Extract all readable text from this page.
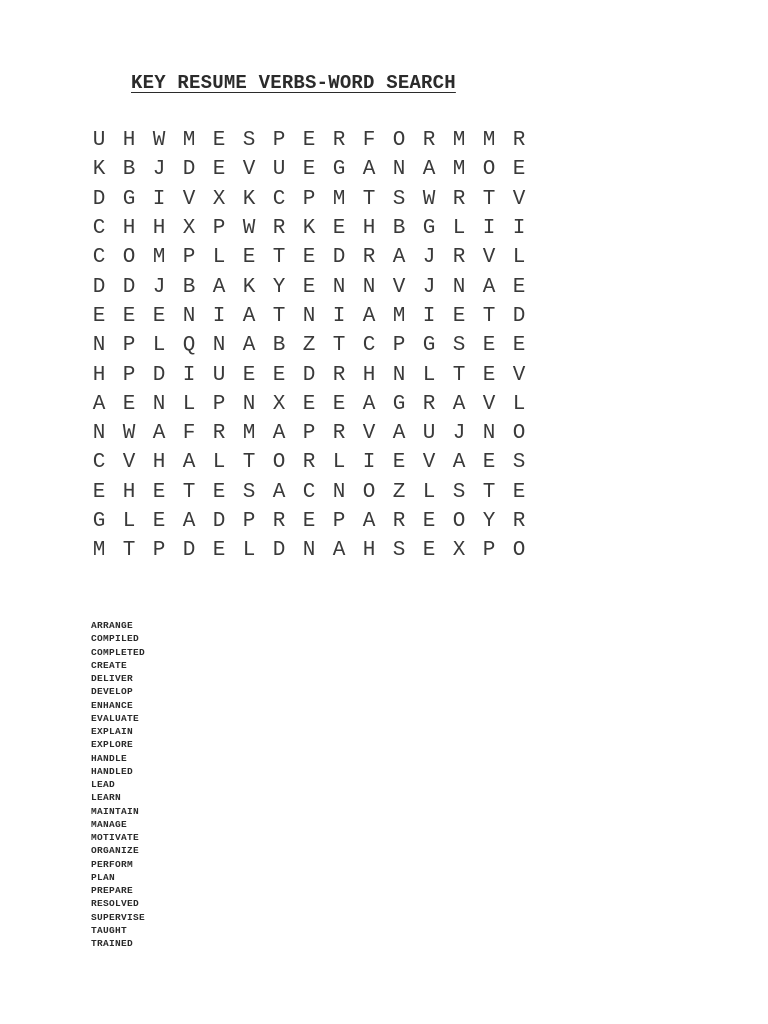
KEY RESUME VERBS-WORD SEARCH
U H W M E S P E R F O R M M R
K B J D E V U E G A N A M O E
D G I V X K C P M T S W R T V
C H H X P W R K E H B G L I I
C O M P L E T E D R A J R V L
D D J B A K Y E N N V J N A E
E E E N I A T N I A M I E T D
N P L Q N A B Z T C P G S E E
H P D I U E E D R H N L T E V
A E N L P N X E E A G R A V L
N W A F R M A P R V A U J N O
C V H A L T O R L I E V A E S
E H E T E S A C N O Z L S T E
G L E A D P R E P A R E O Y R
M T P D E L D N A H S E X P O
ARRANGE
COMPILED
COMPLETED
CREATE
DELIVER
DEVELOP
ENHANCE
EVALUATE
EXPLAIN
EXPLORE
HANDLE
HANDLED
LEAD
LEARN
MAINTAIN
MANAGE
MOTIVATE
ORGANIZE
PERFORM
PLAN
PREPARE
RESOLVED
SUPERVISE
TAUGHT
TRAINED
